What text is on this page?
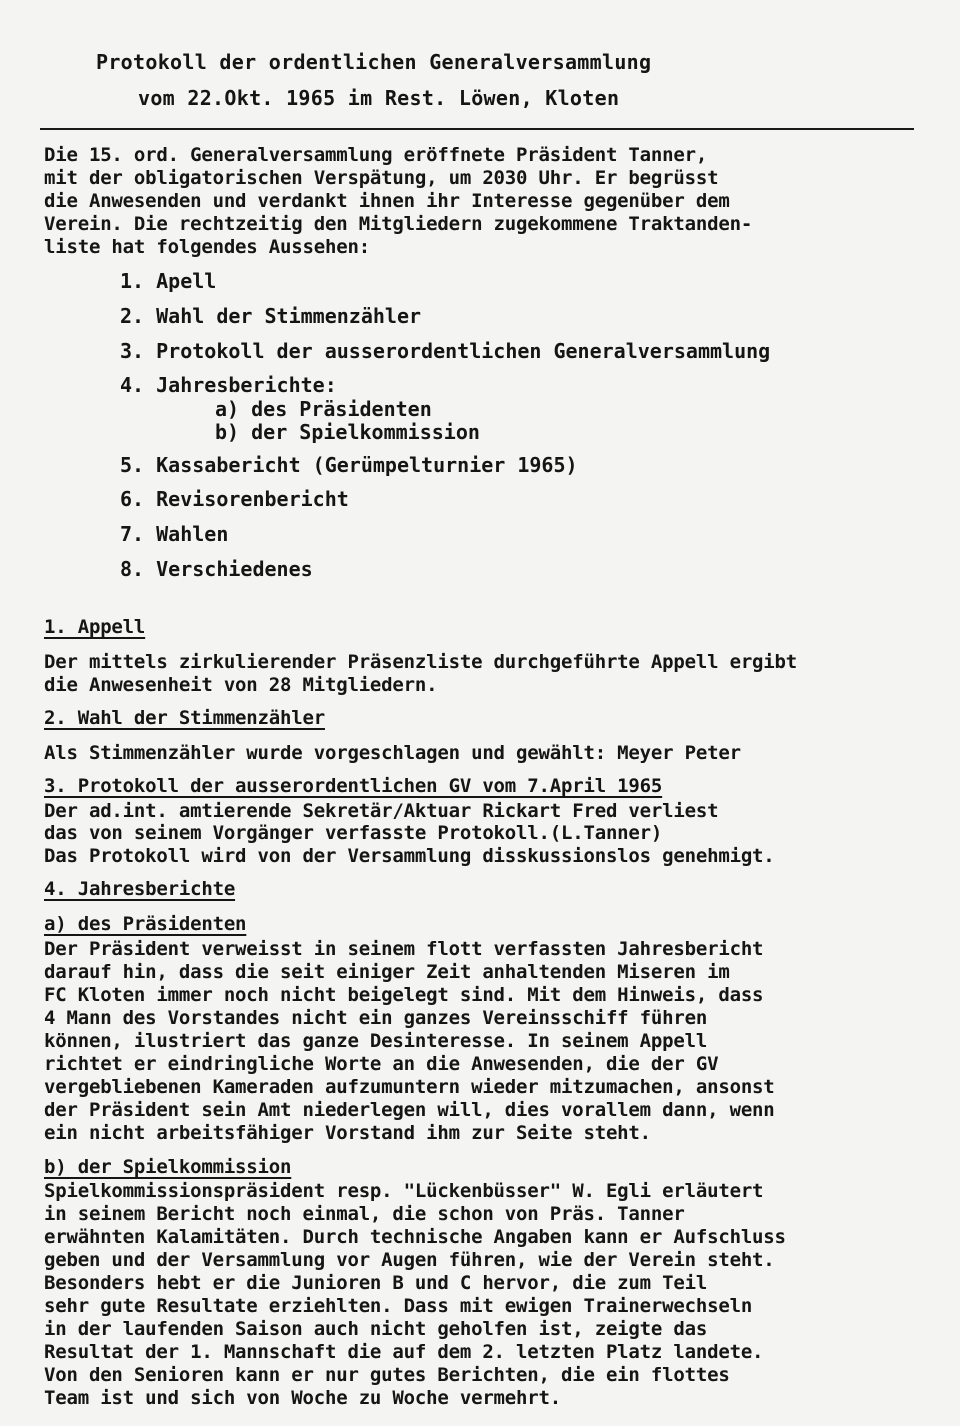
Protokoll der ordentlichen Generalversammlung
vom 22.Okt. 1965 im Rest. Löwen, Kloten
Die 15. ord. Generalversammlung eröffnete Präsident Tanner,
mit der obligatorischen Verspätung, um 2030 Uhr. Er begrüsst
die Anwesenden und verdankt ihnen ihr Interesse gegenüber dem
Verein. Die rechtzeitig den Mitgliedern zugekommene Traktanden-
liste hat folgendes Aussehen:
1. Apell
2. Wahl der Stimmenzähler
3. Protokoll der ausserordentlichen Generalversammlung
4. Jahresberichte:
a) des Präsidenten
b) der Spielkommission
5. Kassabericht (Gerümpelturnier 1965)
6. Revisorenbericht
7. Wahlen
8. Verschiedenes
1. Appell
Der mittels zirkulierender Präsenzliste durchgeführte Appell ergibt
die Anwesenheit von 28 Mitgliedern.
2. Wahl der Stimmenzähler
Als Stimmenzähler wurde vorgeschlagen und gewählt: Meyer Peter
3. Protokoll der ausserordentlichen GV vom 7.April 1965
Der ad.int. amtierende Sekretär/Aktuar Rickart Fred verliest
das von seinem Vorgänger verfasste Protokoll.(L.Tanner)
Das Protokoll wird von der Versammlung disskussionslos genehmigt.
4. Jahresberichte
a) des Präsidenten
Der Präsident verweisst in seinem flott verfassten Jahresbericht
darauf hin, dass die seit einiger Zeit anhaltenden Miseren im
FC Kloten immer noch nicht beigelegt sind. Mit dem Hinweis, dass
4 Mann des Vorstandes nicht ein ganzes Vereinsschiff führen
können, ilustriert das ganze Desinteresse. In seinem Appell
richtet er eindringliche Worte an die Anwesenden, die der GV
vergebliebenen Kameraden aufzumuntern wieder mitzumachen, ansonst
der Präsident sein Amt niederlegen will, dies vorallem dann, wenn
ein nicht arbeitsfähiger Vorstand ihm zur Seite steht.
b) der Spielkommission
Spielkommissionspräsident resp. "Lückenbüsser" W. Egli erläutert
in seinem Bericht noch einmal, die schon von Präs. Tanner
erwähnten Kalamitäten. Durch technische Angaben kann er Aufschluss
geben und der Versammlung vor Augen führen, wie der Verein steht.
Besonders hebt er die Junioren B und C hervor, die zum Teil
sehr gute Resultate erziehlten. Dass mit ewigen Trainerwechseln
in der laufenden Saison auch nicht geholfen ist, zeigte das
Resultat der 1. Mannschaft die auf dem 2. letzten Platz landete.
Von den Senioren kann er nur gutes Berichten, die ein flottes
Team ist und sich von Woche zu Woche vermehrt.
